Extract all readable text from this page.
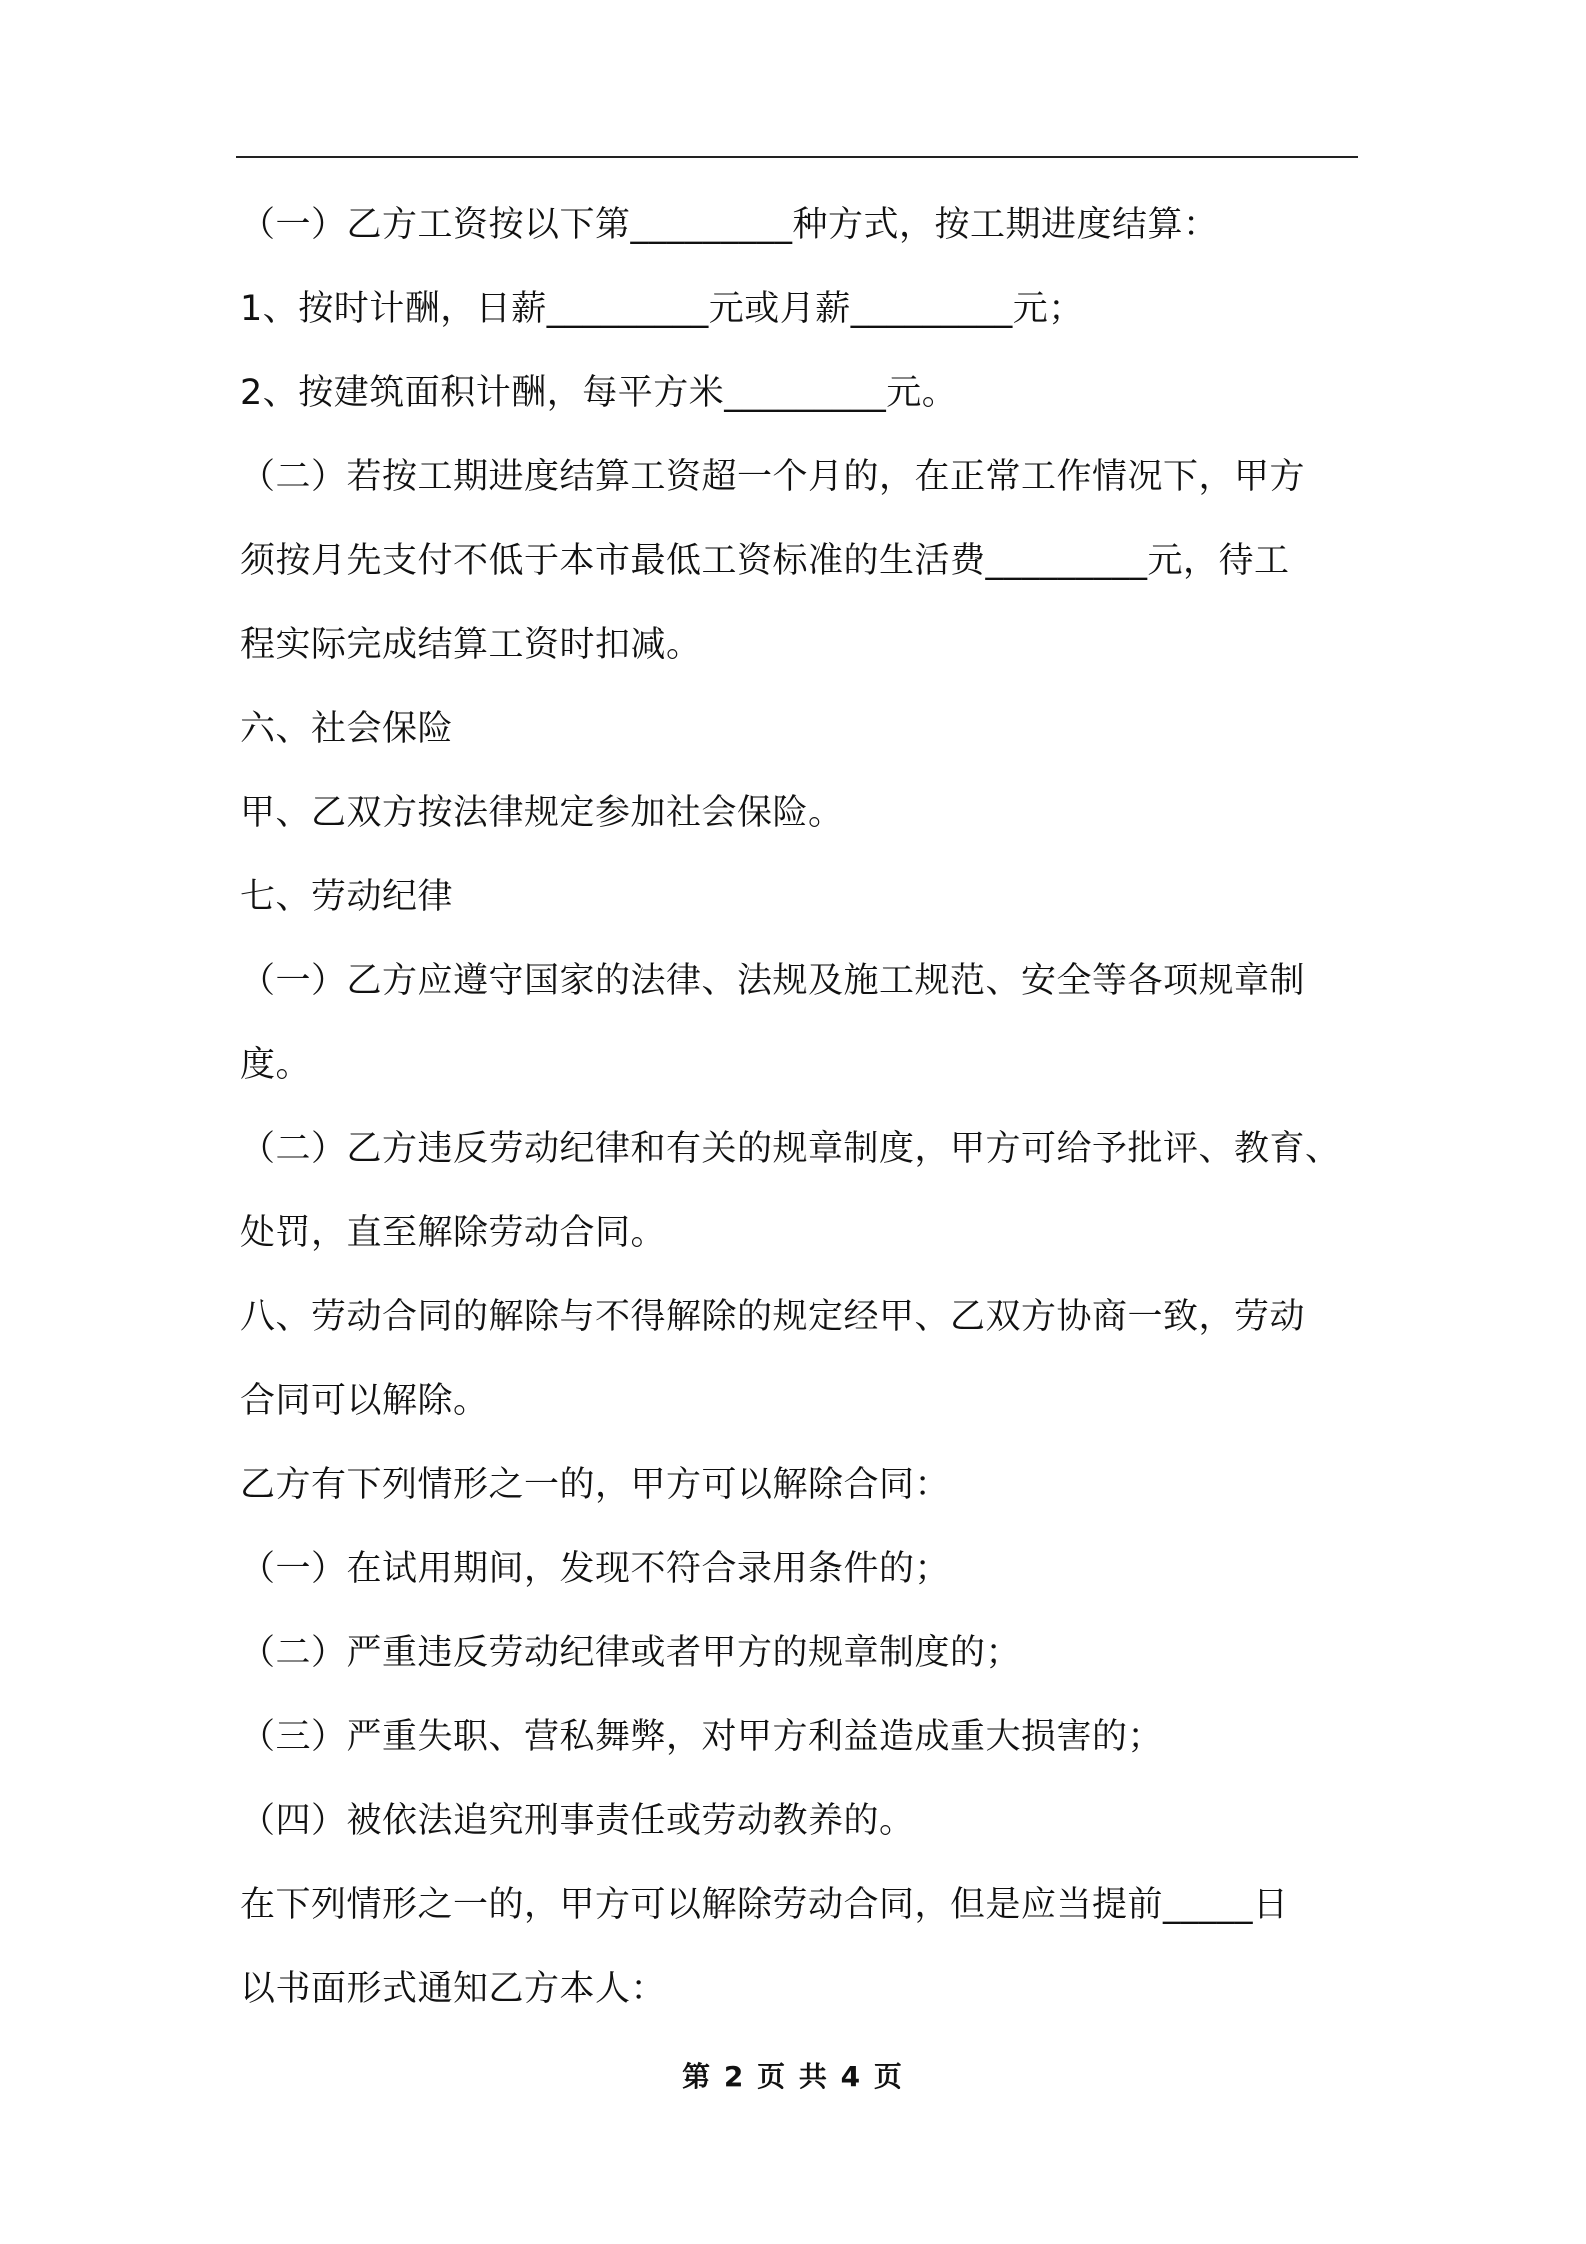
（一）乙方工资按以下第_________种方式，按工期进度结算：
1、按时计酬，日薪_________元或月薪_________元；
2、按建筑面积计酬，每平方米_________元。
（二）若按工期进度结算工资超一个月的，在正常工作情况下，甲方
须按月先支付不低于本市最低工资标准的生活费_________元，待工
程实际完成结算工资时扣减。
六、社会保险
甲、乙双方按法律规定参加社会保险。
七、劳动纪律
（一）乙方应遵守国家的法律、法规及施工规范、安全等各项规章制
度。
（二）乙方违反劳动纪律和有关的规章制度，甲方可给予批评、教育、
处罚，直至解除劳动合同。
八、劳动合同的解除与不得解除的规定经甲、乙双方协商一致，劳动
合同可以解除。
乙方有下列情形之一的，甲方可以解除合同：
（一）在试用期间，发现不符合录用条件的；
（二）严重违反劳动纪律或者甲方的规章制度的；
（三）严重失职、营私舞弊，对甲方利益造成重大损害的；
（四）被依法追究刑事责任或劳动教养的。
在下列情形之一的，甲方可以解除劳动合同，但是应当提前_____日
以书面形式通知乙方本人：
第 2 页 共 4 页
